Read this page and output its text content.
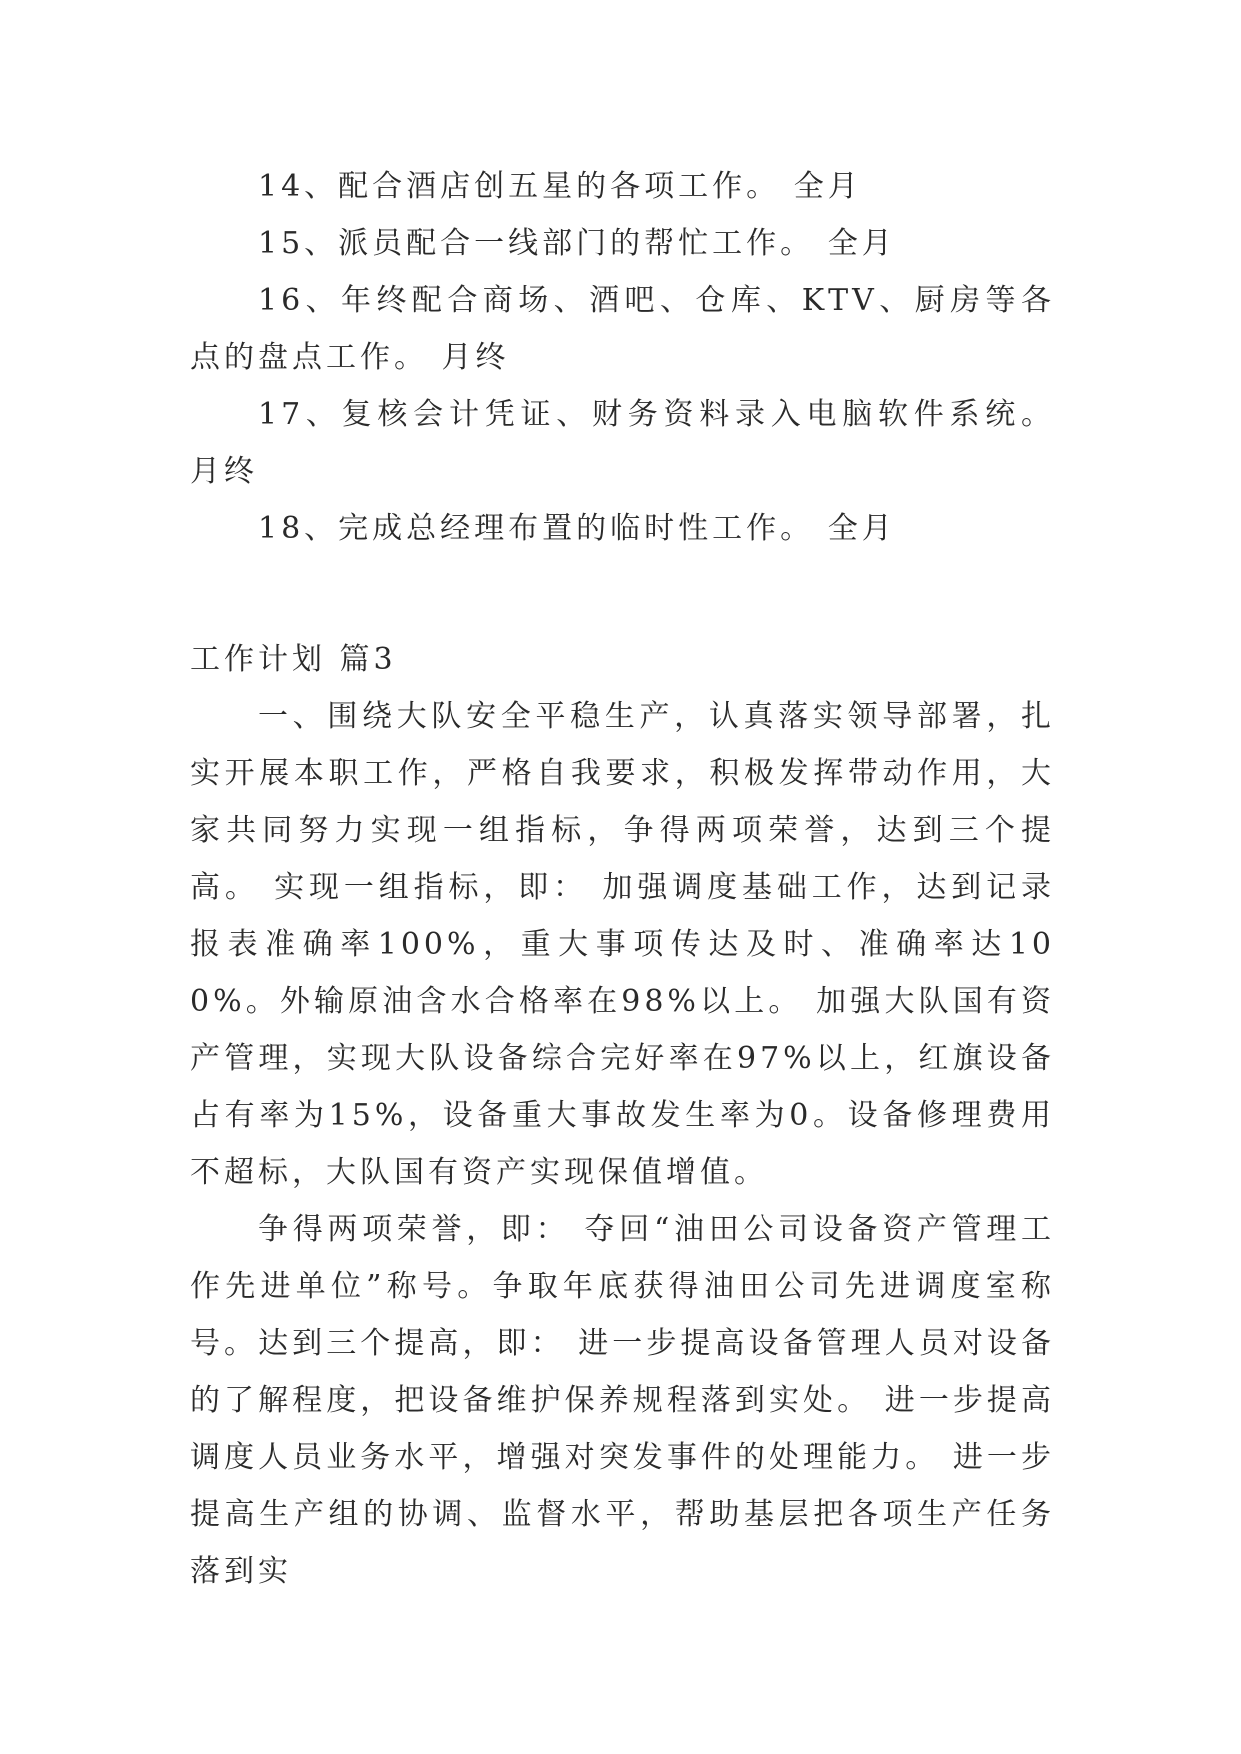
14、配合酒店创五星的各项工作。 全月

15、派员配合一线部门的帮忙工作。 全月

16、年终配合商场、酒吧、仓库、KTV、厨房等各点的盘点工作。 月终

17、复核会计凭证、财务资料录入电脑软件系统。 月终

18、完成总经理布置的临时性工作。 全月

工作计划 篇3

一、围绕大队安全平稳生产，认真落实领导部署，扎实开展本职工作，严格自我要求，积极发挥带动作用，大家共同努力实现一组指标，争得两项荣誉，达到三个提高。 实现一组指标，即： 加强调度基础工作，达到记录报表准确率100%，重大事项传达及时、准确率达100%。外输原油含水合格率在98%以上。 加强大队国有资产管理，实现大队设备综合完好率在97%以上，红旗设备占有率为15%，设备重大事故发生率为0。设备修理费用不超标，大队国有资产实现保值增值。

争得两项荣誉，即： 夺回“油田公司设备资产管理工作先进单位”称号。争取年底获得油田公司先进调度室称号。达到三个提高，即： 进一步提高设备管理人员对设备的了解程度，把设备维护保养规程落到实处。 进一步提高调度人员业务水平，增强对突发事件的处理能力。 进一步提高生产组的协调、监督水平，帮助基层把各项生产任务落到实
